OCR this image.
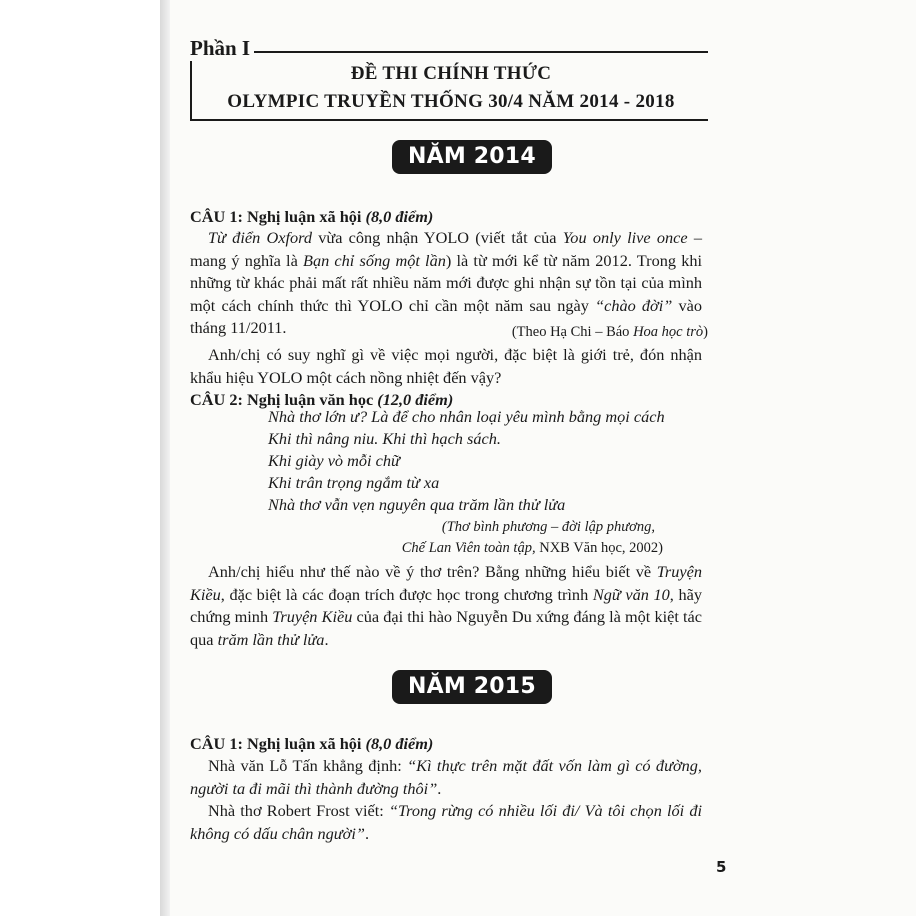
Phần I
ĐỀ THI CHÍNH THỨC
OLYMPIC TRUYỀN THỐNG 30/4 NĂM 2014 - 2018
NĂM 2014
CÂU 1: Nghị luận xã hội (8,0 điểm)
Từ điển Oxford vừa công nhận YOLO (viết tắt của You only live once – mang ý nghĩa là Bạn chỉ sống một lần) là từ mới kể từ năm 2012. Trong khi những từ khác phải mất rất nhiều năm mới được ghi nhận sự tồn tại của mình một cách chính thức thì YOLO chỉ cần một năm sau ngày “chào đời” vào tháng 11/2011.	(Theo Hạ Chi – Báo Hoa học trò)
Anh/chị có suy nghĩ gì về việc mọi người, đặc biệt là giới trẻ, đón nhận khẩu hiệu YOLO một cách nồng nhiệt đến vậy?
CÂU 2: Nghị luận văn học (12,0 điểm)
Nhà thơ lớn ư? Là để cho nhân loại yêu mình bằng mọi cách
Khi thì nâng niu. Khi thì hạch sách.
Khi giày vò mỗi chữ
Khi trân trọng ngắm từ xa
Nhà thơ vẫn vẹn nguyên qua trăm lần thử lửa
(Thơ bình phương – đời lập phương,
Chế Lan Viên toàn tập, NXB Văn học, 2002)
Anh/chị hiểu như thế nào về ý thơ trên? Bằng những hiểu biết về Truyện Kiều, đặc biệt là các đoạn trích được học trong chương trình Ngữ văn 10, hãy chứng minh Truyện Kiều của đại thi hào Nguyễn Du xứng đáng là một kiệt tác qua trăm lần thử lửa.
NĂM 2015
CÂU 1: Nghị luận xã hội (8,0 điểm)
Nhà văn Lỗ Tấn khẳng định: “Kì thực trên mặt đất vốn làm gì có đường, người ta đi mãi thì thành đường thôi”.
Nhà thơ Robert Frost viết: “Trong rừng có nhiều lối đi/ Và tôi chọn lối đi không có dấu chân người”.
5
